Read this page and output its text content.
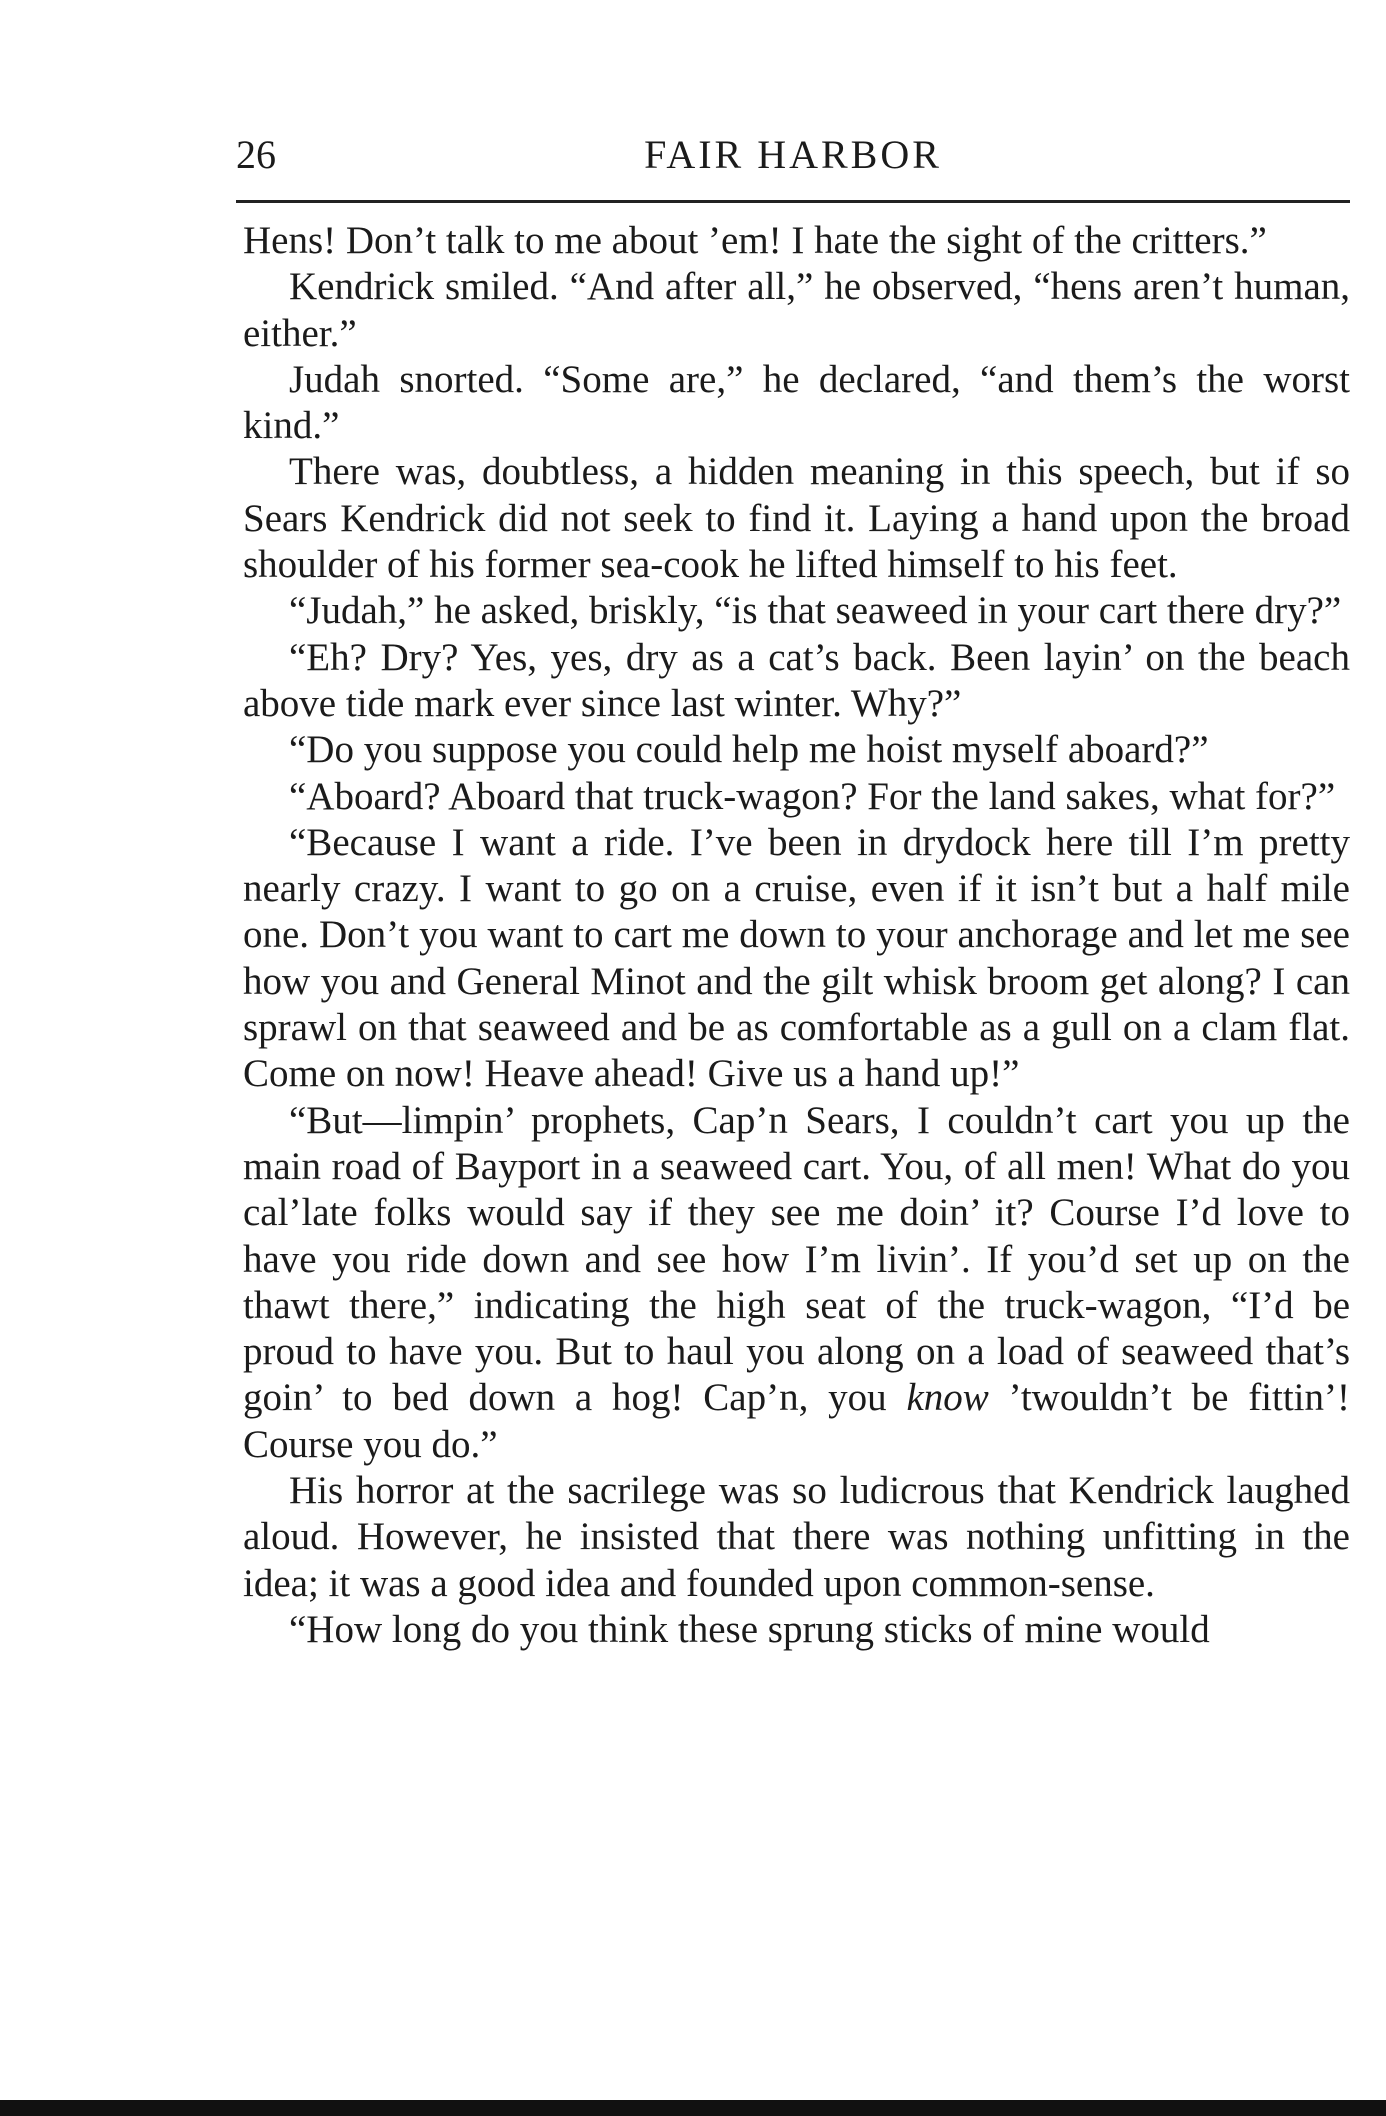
26	FAIR HARBOR

Hens! Don’t talk to me about ’em! I hate the sight of the critters.”

Kendrick smiled. “And after all,” he observed, “hens aren’t human, either.”

Judah snorted. “Some are,” he declared, “and them’s the worst kind.”

There was, doubtless, a hidden meaning in this speech, but if so Sears Kendrick did not seek to find it. Laying a hand upon the broad shoulder of his former sea-cook he lifted himself to his feet.

“Judah,” he asked, briskly, “is that seaweed in your cart there dry?”

“Eh? Dry? Yes, yes, dry as a cat’s back. Been layin’ on the beach above tide mark ever since last winter. Why?”

“Do you suppose you could help me hoist myself aboard?”

“Aboard? Aboard that truck-wagon? For the land sakes, what for?”

“Because I want a ride. I’ve been in drydock here till I’m pretty nearly crazy. I want to go on a cruise, even if it isn’t but a half mile one. Don’t you want to cart me down to your anchorage and let me see how you and General Minot and the gilt whisk broom get along? I can sprawl on that seaweed and be as comfortable as a gull on a clam flat. Come on now! Heave ahead! Give us a hand up!”

“But—limpin’ prophets, Cap’n Sears, I couldn’t cart you up the main road of Bayport in a seaweed cart. You, of all men! What do you cal’late folks would say if they see me doin’ it? Course I’d love to have you ride down and see how I’m livin’. If you’d set up on the thawt there,” indicating the high seat of the truck-wagon, “I’d be proud to have you. But to haul you along on a load of seaweed that’s goin’ to bed down a hog! Cap’n, you know ’twouldn’t be fittin’! Course you do.”

His horror at the sacrilege was so ludicrous that Kendrick laughed aloud. However, he insisted that there was nothing unfitting in the idea; it was a good idea and founded upon common-sense.

“How long do you think these sprung sticks of mine would
